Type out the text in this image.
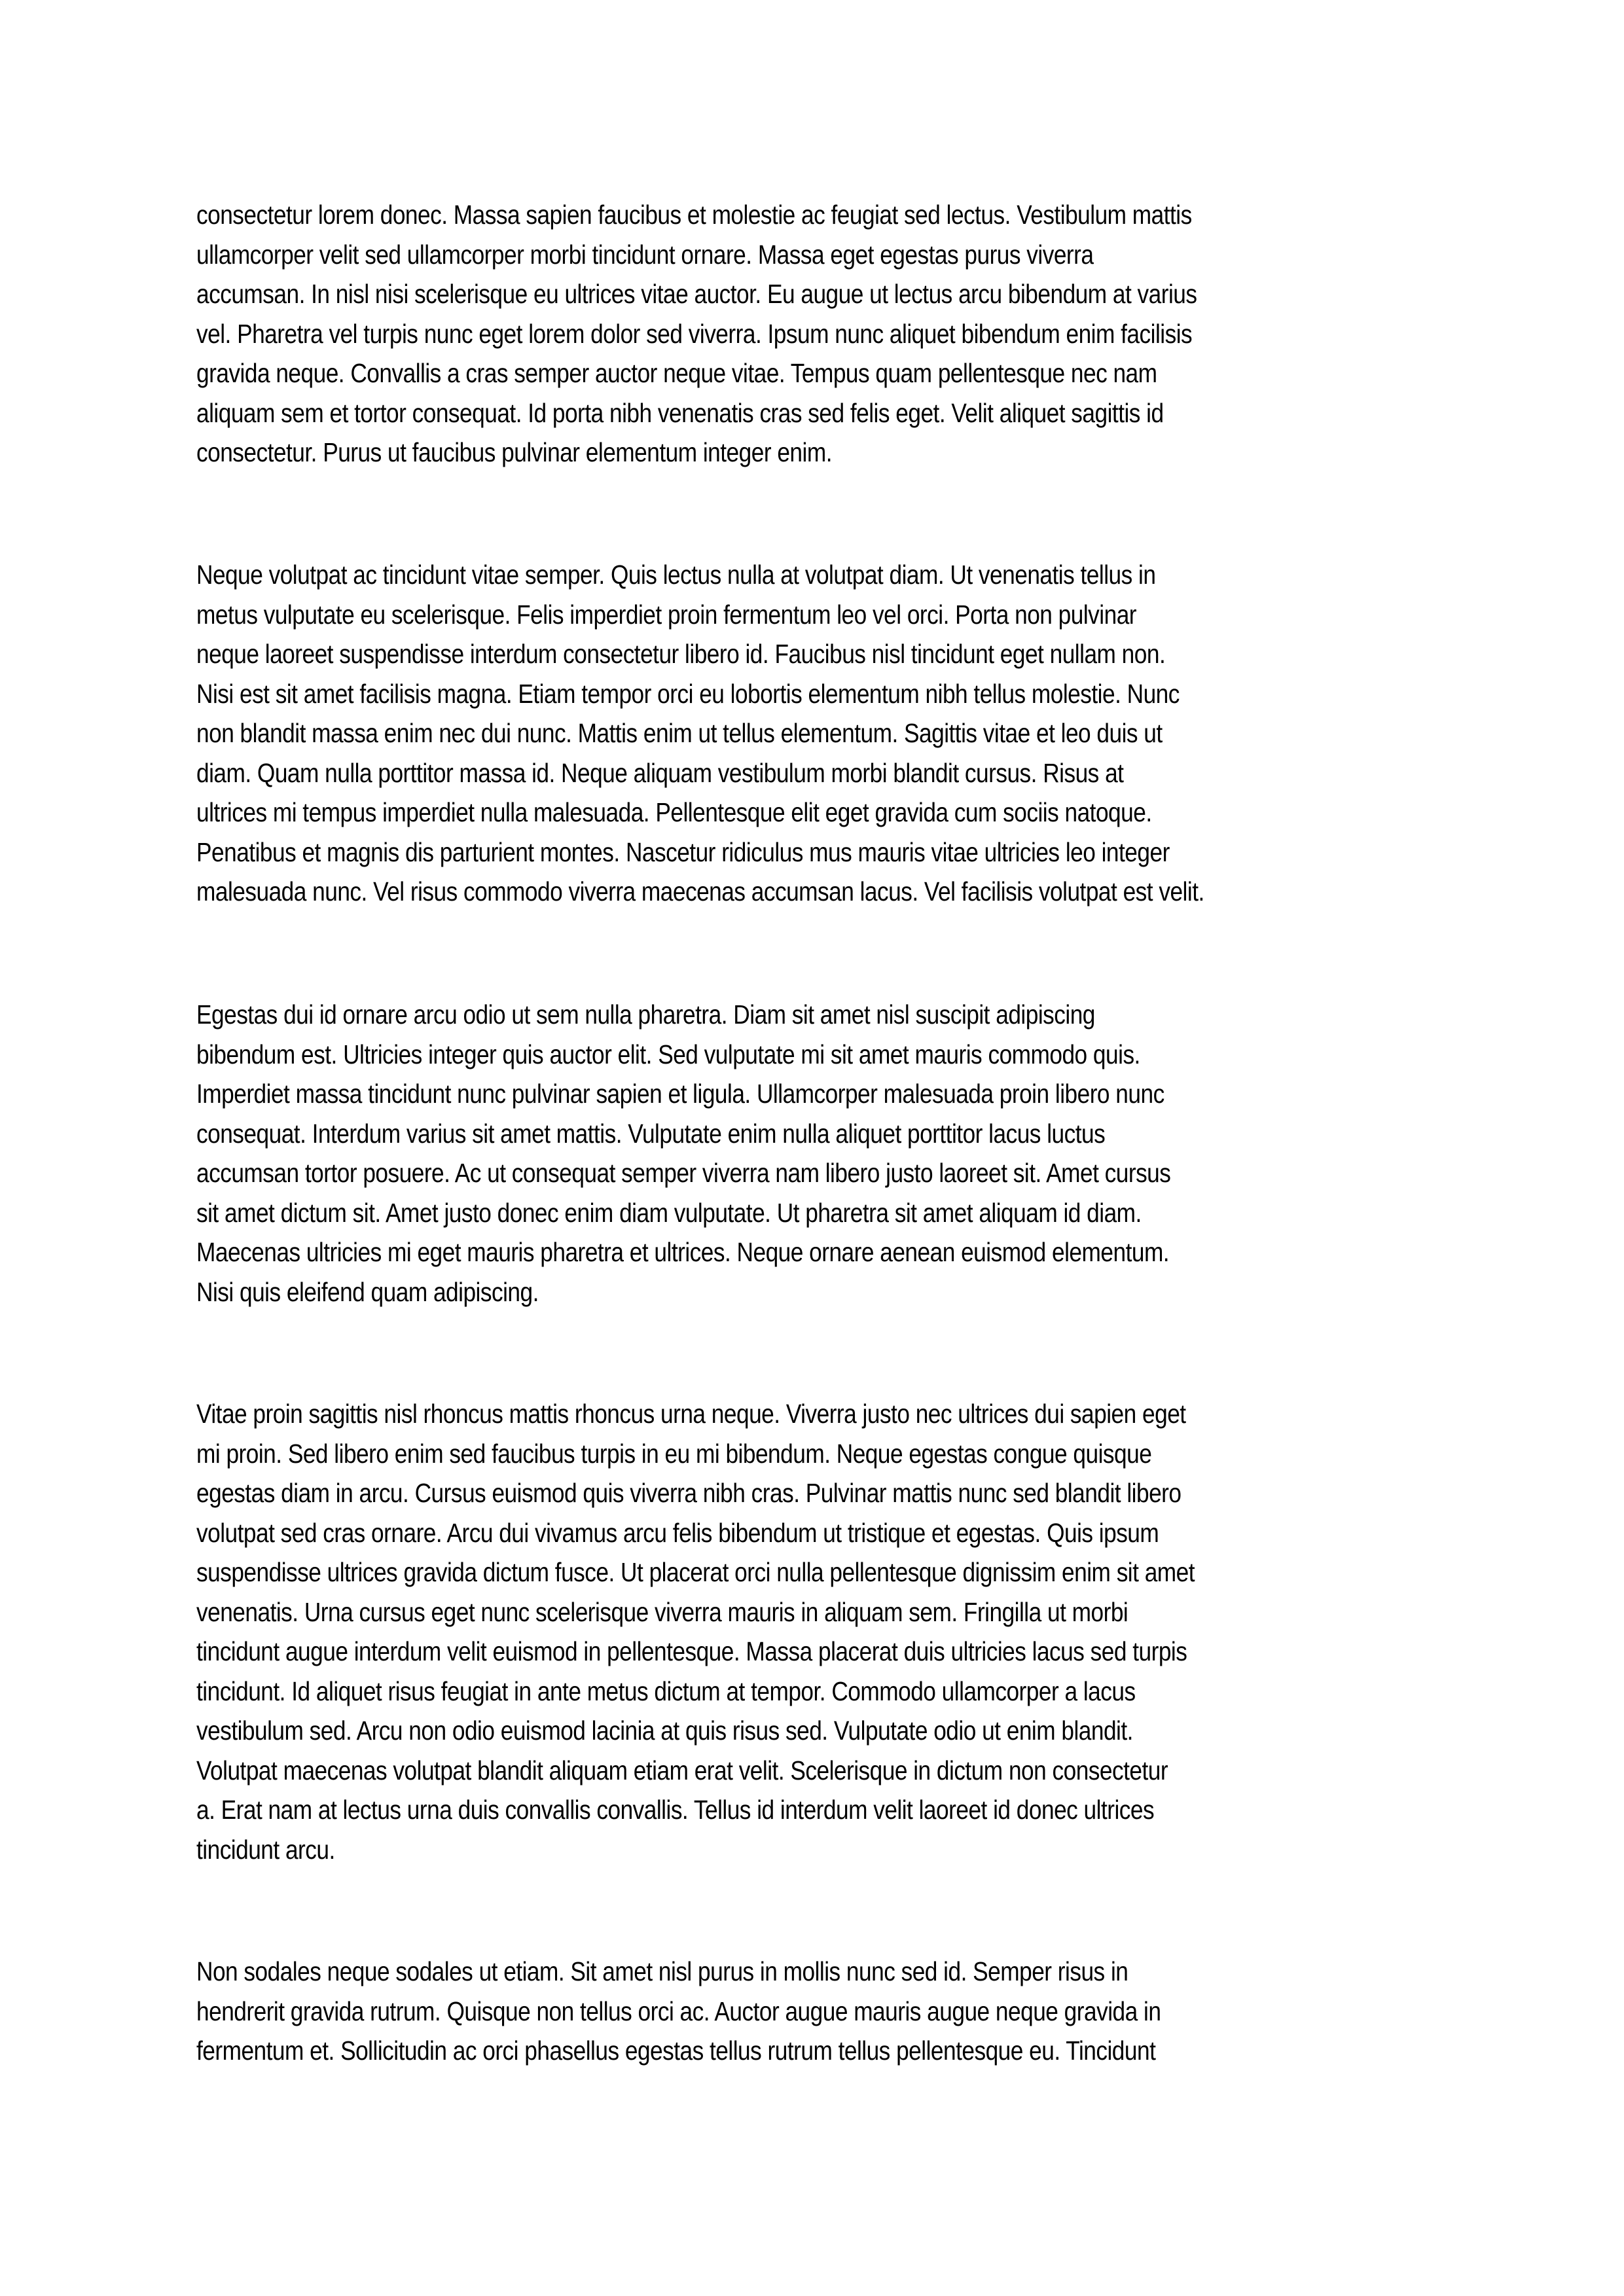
consectetur lorem donec. Massa sapien faucibus et molestie ac feugiat sed lectus. Vestibulum mattis
ullamcorper velit sed ullamcorper morbi tincidunt ornare. Massa eget egestas purus viverra
accumsan. In nisl nisi scelerisque eu ultrices vitae auctor. Eu augue ut lectus arcu bibendum at varius
vel. Pharetra vel turpis nunc eget lorem dolor sed viverra. Ipsum nunc aliquet bibendum enim facilisis
gravida neque. Convallis a cras semper auctor neque vitae. Tempus quam pellentesque nec nam
aliquam sem et tortor consequat. Id porta nibh venenatis cras sed felis eget. Velit aliquet sagittis id
consectetur. Purus ut faucibus pulvinar elementum integer enim.
Neque volutpat ac tincidunt vitae semper. Quis lectus nulla at volutpat diam. Ut venenatis tellus in
metus vulputate eu scelerisque. Felis imperdiet proin fermentum leo vel orci. Porta non pulvinar
neque laoreet suspendisse interdum consectetur libero id. Faucibus nisl tincidunt eget nullam non.
Nisi est sit amet facilisis magna. Etiam tempor orci eu lobortis elementum nibh tellus molestie. Nunc
non blandit massa enim nec dui nunc. Mattis enim ut tellus elementum. Sagittis vitae et leo duis ut
diam. Quam nulla porttitor massa id. Neque aliquam vestibulum morbi blandit cursus. Risus at
ultrices mi tempus imperdiet nulla malesuada. Pellentesque elit eget gravida cum sociis natoque.
Penatibus et magnis dis parturient montes. Nascetur ridiculus mus mauris vitae ultricies leo integer
malesuada nunc. Vel risus commodo viverra maecenas accumsan lacus. Vel facilisis volutpat est velit.
Egestas dui id ornare arcu odio ut sem nulla pharetra. Diam sit amet nisl suscipit adipiscing
bibendum est. Ultricies integer quis auctor elit. Sed vulputate mi sit amet mauris commodo quis.
Imperdiet massa tincidunt nunc pulvinar sapien et ligula. Ullamcorper malesuada proin libero nunc
consequat. Interdum varius sit amet mattis. Vulputate enim nulla aliquet porttitor lacus luctus
accumsan tortor posuere. Ac ut consequat semper viverra nam libero justo laoreet sit. Amet cursus
sit amet dictum sit. Amet justo donec enim diam vulputate. Ut pharetra sit amet aliquam id diam.
Maecenas ultricies mi eget mauris pharetra et ultrices. Neque ornare aenean euismod elementum.
Nisi quis eleifend quam adipiscing.
Vitae proin sagittis nisl rhoncus mattis rhoncus urna neque. Viverra justo nec ultrices dui sapien eget
mi proin. Sed libero enim sed faucibus turpis in eu mi bibendum. Neque egestas congue quisque
egestas diam in arcu. Cursus euismod quis viverra nibh cras. Pulvinar mattis nunc sed blandit libero
volutpat sed cras ornare. Arcu dui vivamus arcu felis bibendum ut tristique et egestas. Quis ipsum
suspendisse ultrices gravida dictum fusce. Ut placerat orci nulla pellentesque dignissim enim sit amet
venenatis. Urna cursus eget nunc scelerisque viverra mauris in aliquam sem. Fringilla ut morbi
tincidunt augue interdum velit euismod in pellentesque. Massa placerat duis ultricies lacus sed turpis
tincidunt. Id aliquet risus feugiat in ante metus dictum at tempor. Commodo ullamcorper a lacus
vestibulum sed. Arcu non odio euismod lacinia at quis risus sed. Vulputate odio ut enim blandit.
Volutpat maecenas volutpat blandit aliquam etiam erat velit. Scelerisque in dictum non consectetur
a. Erat nam at lectus urna duis convallis convallis. Tellus id interdum velit laoreet id donec ultrices
tincidunt arcu.
Non sodales neque sodales ut etiam. Sit amet nisl purus in mollis nunc sed id. Semper risus in
hendrerit gravida rutrum. Quisque non tellus orci ac. Auctor augue mauris augue neque gravida in
fermentum et. Sollicitudin ac orci phasellus egestas tellus rutrum tellus pellentesque eu. Tincidunt
